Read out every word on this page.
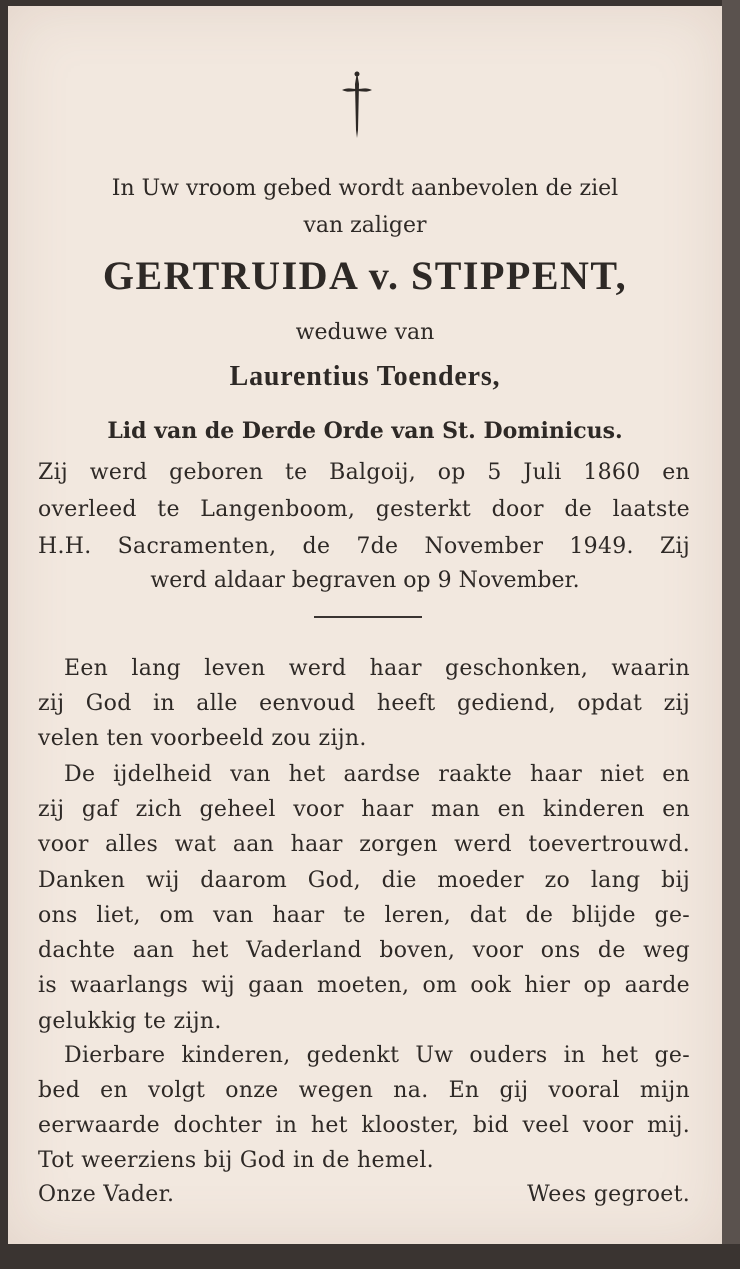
In Uw vroom gebed wordt aanbevolen de ziel
van zaliger
GERTRUIDA v. STIPPENT,
weduwe van
Laurentius Toenders,
Lid van de Derde Orde van St. Dominicus.
Zij werd geboren te Balgoij, op 5 Juli 1860 en
overleed te Langenboom, gesterkt door de laatste
H.H. Sacramenten, de 7de November 1949. Zij
werd aldaar begraven op 9 November.
Een lang leven werd haar geschonken, waarin
zij God in alle eenvoud heeft gediend, opdat zij
velen ten voorbeeld zou zijn.
De ijdelheid van het aardse raakte haar niet en
zij gaf zich geheel voor haar man en kinderen en
voor alles wat aan haar zorgen werd toevertrouwd.
Danken wij daarom God, die moeder zo lang bij
ons liet, om van haar te leren, dat de blijde ge-
dachte aan het Vaderland boven, voor ons de weg
is waarlangs wij gaan moeten, om ook hier op aarde
gelukkig te zijn.
Dierbare kinderen, gedenkt Uw ouders in het ge-
bed en volgt onze wegen na. En gij vooral mijn
eerwaarde dochter in het klooster, bid veel voor mij.
Tot weerziens bij God in de hemel.
Onze Vader.	Wees gegroet.
